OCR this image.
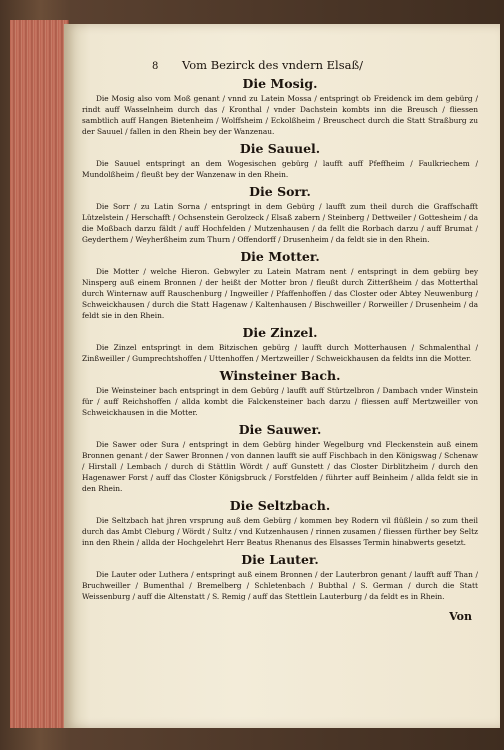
8	Vom Bezirck des vndern Elsaß/
Die Mosig.

Die Mosig also vom Moß genant / vnnd zu Latein Mossa / entspringt ob Freidenck im dem gebürg / rindt auff Wasselnheim durch das / Kronthal / vnder Dachstein kombts inn die Breusch / fliessen sambtlich auff Hangen Bietenheim / Wolffsheim / Eckolßheim / Breuschect durch die Statt Straßburg zu der Sauuel / fallen in den Rhein bey der Wanzenau.

Die Sauuel.

Die Sauuel entspringt an dem Wogesischen gebürg / laufft auff Pfeffheim / Faulkriechem / Mundolßheim / fleußt bey der Wanzenaw in den Rhein.

Die Sorr.

Die Sorr / zu Latin Sorna / entspringt in dem Gebürg / laufft zum theil durch die Graffschafft Lützelstein / Herschafft / Ochsenstein Gerolzeck / Elsaß zabern / Steinberg / Dettweiler / Gottesheim / da die Moßbach darzu fäldt / auff Hochfelden / Mutzenhausen / da fellt die Rorbach darzu / auff Brumat / Geyderthem / Weyherßheim zum Thurn / Offendorff / Drusenheim / da feldt sie in den Rhein.

Die Motter.

Die Motter / welche Hieron. Gebwyler zu Latein Matram nent / entspringt in dem gebürg bey Ninsperg auß einem Bronnen / der heißt der Motter bron / fleußt durch Zitterßheim / das Motterthal durch Winternaw auff Rauschenburg / Ingweiller / Pfaffenhoffen / das Closter oder Abtey Neuwenburg / Schweickhausen / durch die Statt Hagenaw / Kaltenhausen / Bischweiller / Rorweiller / Drusenheim / da feldt sie in den Rhein.

Die Zinzel.

Die Zinzel entspringt in dem Bitzischen gebürg / laufft durch Motterhausen / Schmalenthal / Zinßweiller / Gumprechtshoffen / Uttenhoffen / Mertzweiller / Schweickhausen da feldts inn die Motter.

Winsteiner Bach.

Die Weinsteiner bach entspringt in dem Gebürg / laufft auff Stürtzelbron / Dambach vnder Winstein für / auff Reichshoffen / allda kombt die Falckensteiner bach darzu / fliessen auff Mertzweiller von Schweickhausen in die Motter.

Die Sauwer.

Die Sawer oder Sura / entspringt in dem Gebürg hinder Wegelburg vnd Fleckenstein auß einem Bronnen genant / der Sawer Bronnen / von dannen laufft sie auff Fischbach in den Königswag / Schenaw / Hirstall / Lembach / durch di Stättlin Wördt / auff Gunstett / das Closter Dirblitzheim / durch den Hagenawer Forst / auff das Closter Königsbruck / Forstfelden / führter auff Beinheim / allda feldt sie in den Rhein.

Die Seltzbach.

Die Seltzbach hat jhren vrsprung auß dem Gebürg / kommen bey Rodern vil flüßlein / so zum theil durch das Ambt Cleburg / Wördt / Sultz / vnd Kutzenhausen / rinnen zusamen / fliessen fürther bey Seltz inn den Rhein / allda der Hochgelehrt Herr Beatus Rhenanus des Elsasses Termin hinabwerts gesetzt.

Die Lauter.

Die Lauter oder Luthera / entspringt auß einem Bronnen / der Lauterbron genant / laufft auff Than / Bruchweiller / Bumenthal / Bremelberg / Schletenbach / Bubthal / S. German / durch die Statt Weissenburg / auff die Altenstatt / S. Remig / auff das Stettlein Lauterburg / da feldt es in Rhein.

Von
